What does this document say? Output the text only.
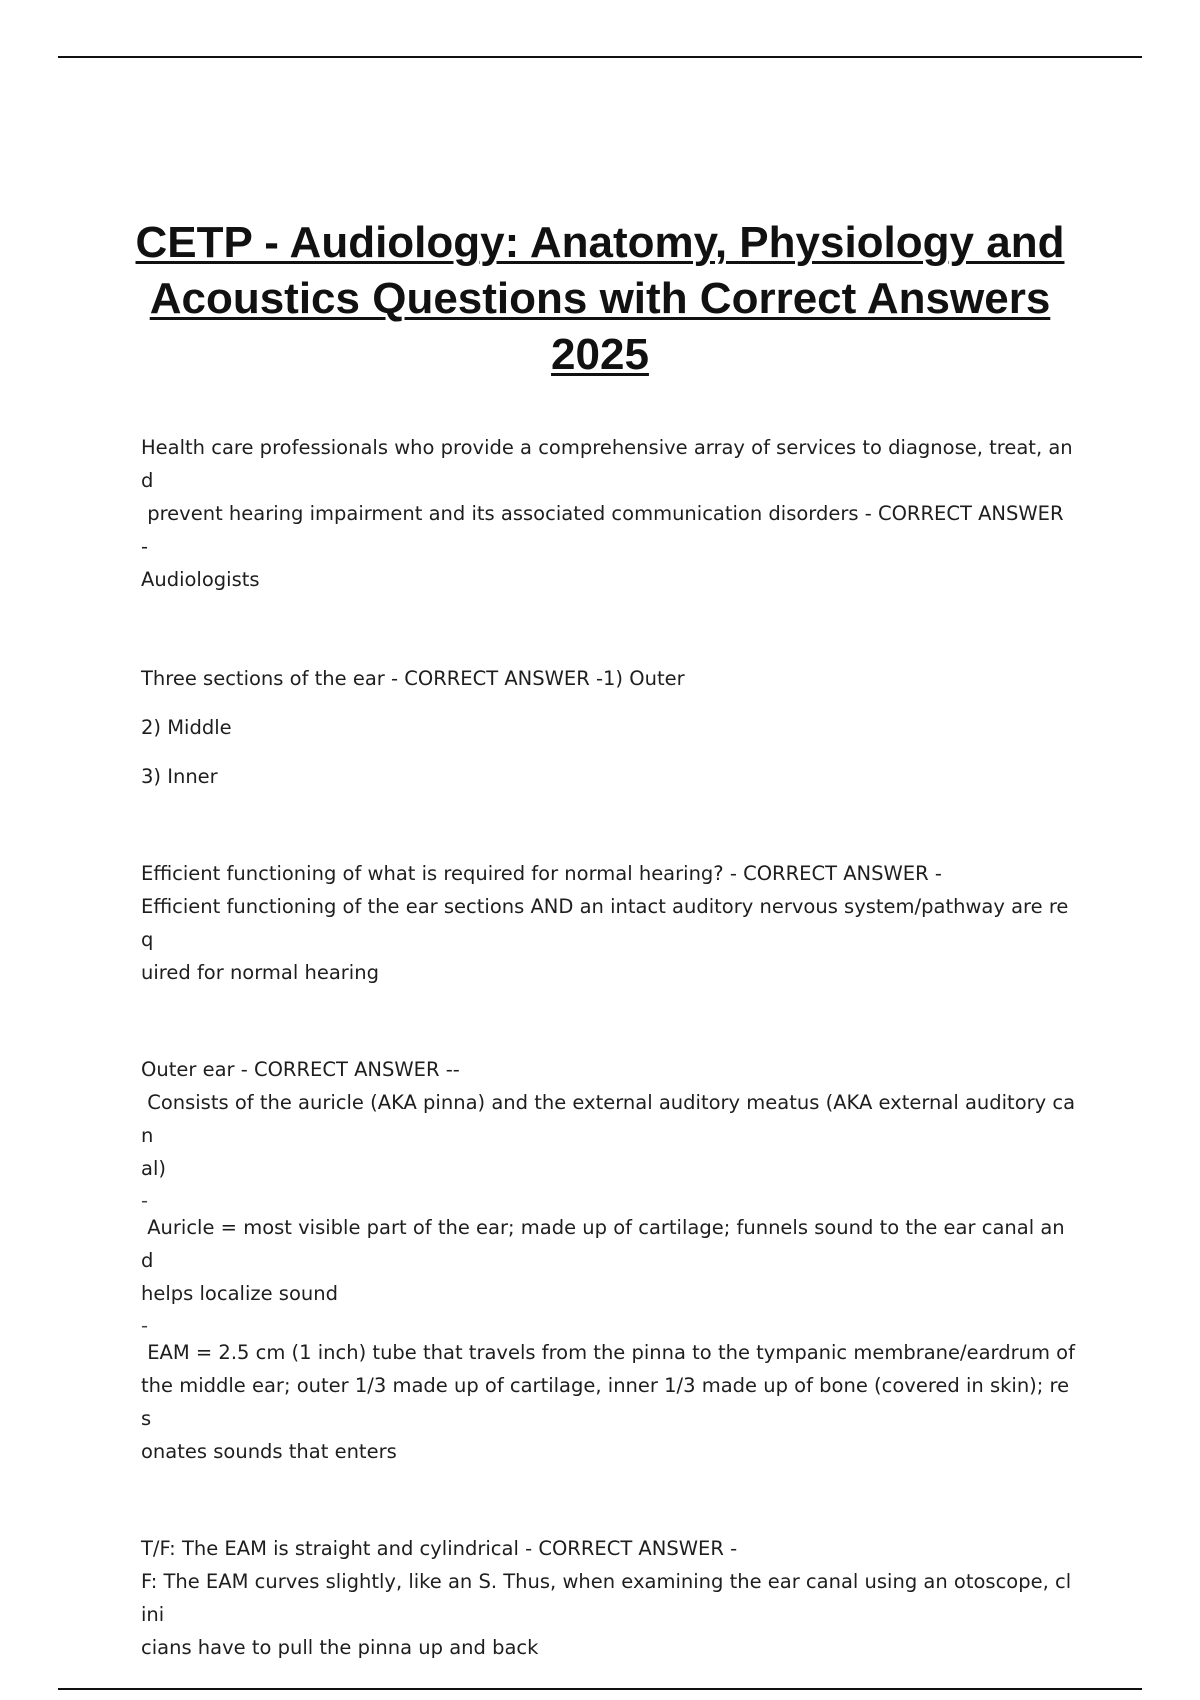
CETP - Audiology: Anatomy, Physiology and Acoustics Questions with Correct Answers 2025
Health care professionals who provide a comprehensive array of services to diagnose, treat, and
prevent hearing impairment and its associated communication disorders - CORRECT ANSWER -
Audiologists
Three sections of the ear - CORRECT ANSWER -1) Outer
2) Middle
3) Inner
Efficient functioning of what is required for normal hearing? - CORRECT ANSWER -
Efficient functioning of the ear sections AND an intact auditory nervous system/pathway are req
uired for normal hearing
Outer ear - CORRECT ANSWER --
Consists of the auricle (AKA pinna) and the external auditory meatus (AKA external auditory can
al)
-
Auricle = most visible part of the ear; made up of cartilage; funnels sound to the ear canal and
helps localize sound
-
EAM = 2.5 cm (1 inch) tube that travels from the pinna to the tympanic membrane/eardrum of
the middle ear; outer 1/3 made up of cartilage, inner 1/3 made up of bone (covered in skin); res
onates sounds that enters
T/F: The EAM is straight and cylindrical - CORRECT ANSWER -
F: The EAM curves slightly, like an S. Thus, when examining the ear canal using an otoscope, clini
cians have to pull the pinna up and back
